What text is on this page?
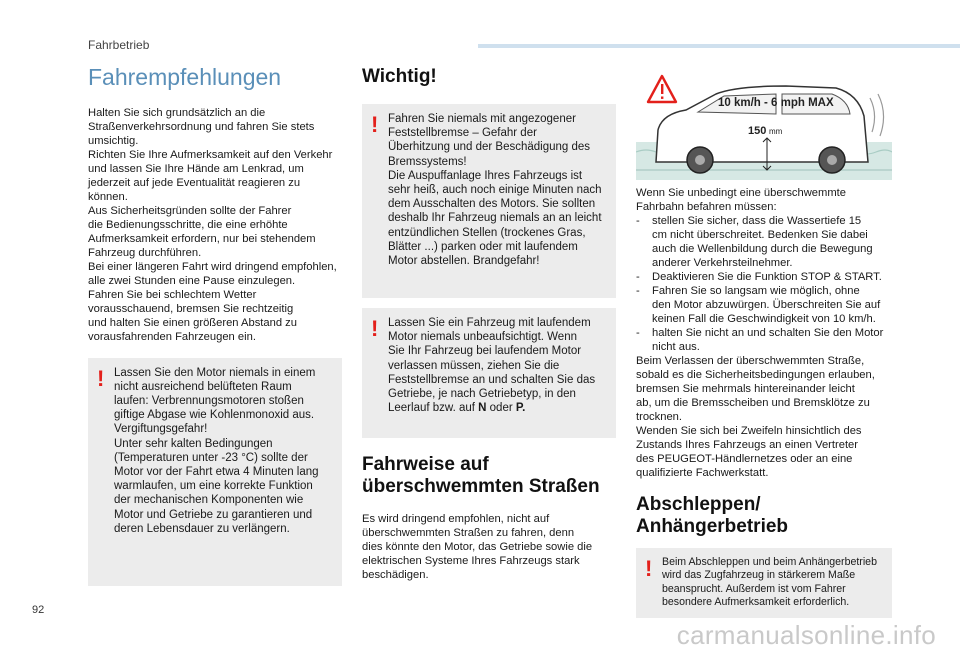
Fahrbetrieb
Fahrempfehlungen

Halten Sie sich grundsätzlich an die
Straßenverkehrsordnung und fahren Sie stets
umsichtig.
Richten Sie Ihre Aufmerksamkeit auf den Verkehr
und lassen Sie Ihre Hände am Lenkrad, um
jederzeit auf jede Eventualität reagieren zu
können.
Aus Sicherheitsgründen sollte der Fahrer
die Bedienungsschritte, die eine erhöhte
Aufmerksamkeit erfordern, nur bei stehendem
Fahrzeug durchführen.
Bei einer längeren Fahrt wird dringend empfohlen,
alle zwei Stunden eine Pause einzulegen.
Fahren Sie bei schlechtem Wetter
vorausschauend, bremsen Sie rechtzeitig
und halten Sie einen größeren Abstand zu
vorausfahrenden Fahrzeugen ein.

! Lassen Sie den Motor niemals in einem
nicht ausreichend belüfteten Raum
laufen: Verbrennungsmotoren stoßen
giftige Abgase wie Kohlenmonoxid aus.
Vergiftungsgefahr!
Unter sehr kalten Bedingungen
(Temperaturen unter -23 °C) sollte der
Motor vor der Fahrt etwa 4 Minuten lang
warmlaufen, um eine korrekte Funktion
der mechanischen Komponenten wie
Motor und Getriebe zu garantieren und
deren Lebensdauer zu verlängern.

Wichtig!
! Fahren Sie niemals mit angezogener
Feststellbremse – Gefahr der
Überhitzung und der Beschädigung des
Bremssystems!
Die Auspuffanlage Ihres Fahrzeugs ist
sehr heiß, auch noch einige Minuten nach
dem Ausschalten des Motors. Sie sollten
deshalb Ihr Fahrzeug niemals an an leicht
entzündlichen Stellen (trockenes Gras,
Blätter ...) parken oder mit laufendem
Motor abstellen. Brandgefahr!

! Lassen Sie ein Fahrzeug mit laufendem
Motor niemals unbeaufsichtigt. Wenn
Sie Ihr Fahrzeug bei laufendem Motor
verlassen müssen, ziehen Sie die
Feststellbremse an und schalten Sie das
Getriebe, je nach Getriebetyp, in den
Leerlauf bzw. auf N oder P.

Fahrweise auf
überschwemmten Straßen

Es wird dringend empfohlen, nicht auf
überschwemmten Straßen zu fahren, denn
dies könnte den Motor, das Getriebe sowie die
elektrischen Systeme Ihres Fahrzeugs stark
beschädigen.

10 km/h - 6 mph MAX
150 mm

Wenn Sie unbedingt eine überschwemmte
Fahrbahn befahren müssen:

- stellen Sie sicher, dass die Wassertiefe 15
cm nicht überschreitet. Bedenken Sie dabei
auch die Wellenbildung durch die Bewegung
anderer Verkehrsteilnehmer.
- Deaktivieren Sie die Funktion STOP & START.
- Fahren Sie so langsam wie möglich, ohne
den Motor abzuwürgen. Überschreiten Sie auf
keinen Fall die Geschwindigkeit von 10 km/h.
- halten Sie nicht an und schalten Sie den Motor
nicht aus.

Beim Verlassen der überschwemmten Straße,
sobald es die Sicherheitsbedingungen erlauben,
bremsen Sie mehrmals hintereinander leicht
ab, um die Bremsscheiben und Bremsklötze zu
trocknen.
Wenden Sie sich bei Zweifeln hinsichtlich des
Zustands Ihres Fahrzeugs an einen Vertreter
des PEUGEOT-Händlernetzes oder an eine
qualifizierte Fachwerkstatt.

Abschleppen/
Anhängerbetrieb
! Beim Abschleppen und beim Anhängerbetrieb
wird das Zugfahrzeug in stärkerem Maße
beansprucht. Außerdem ist vom Fahrer
besondere Aufmerksamkeit erforderlich.

92
carmanualsonline.info
